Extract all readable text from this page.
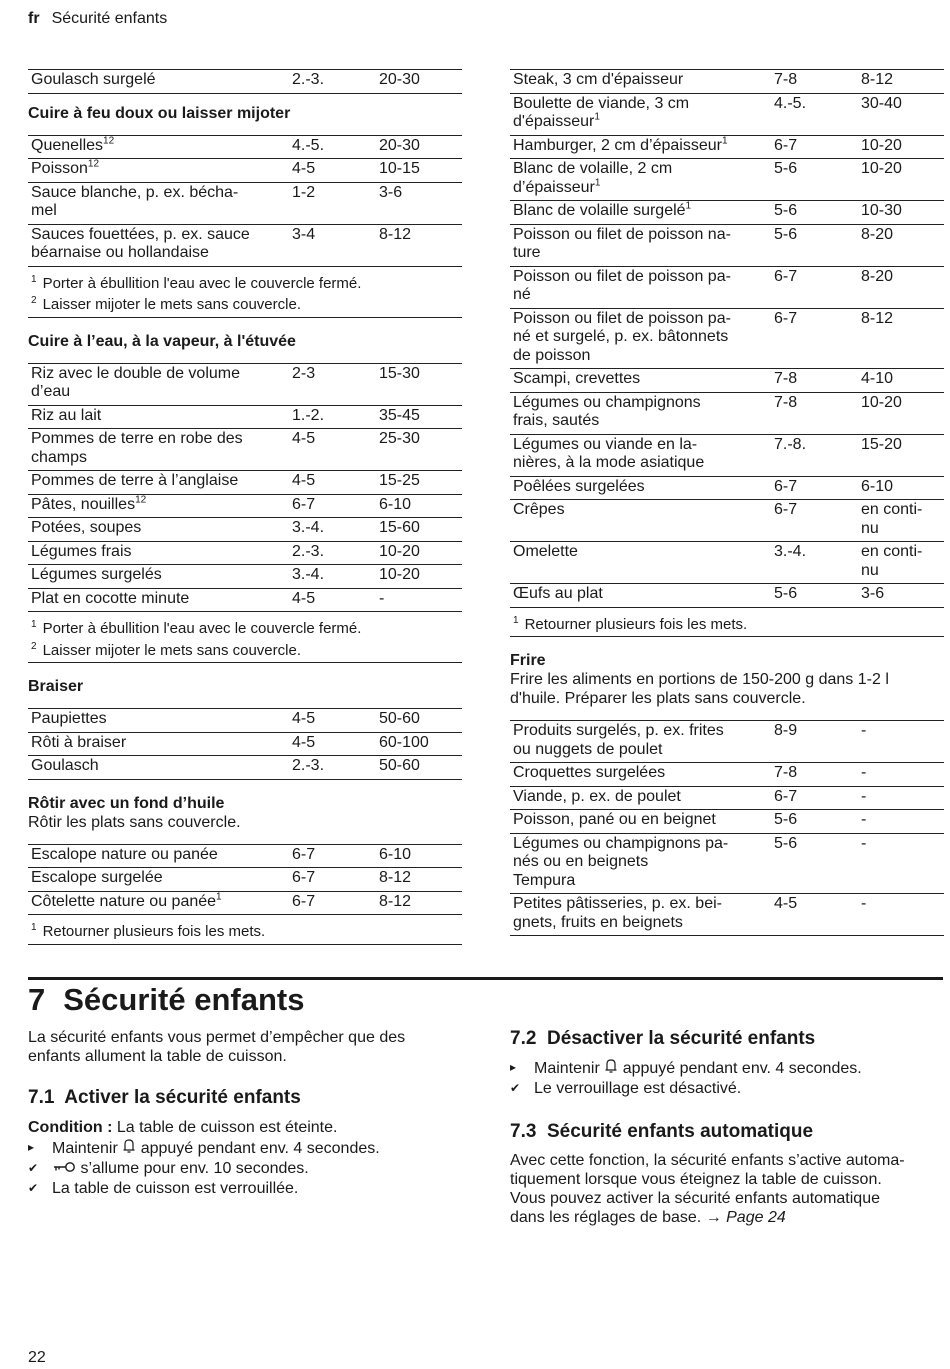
fr Sécurité enfants
Goulasch surgelé	2.-3.	20-30
Cuire à feu doux ou laisser mijoter
Quenelles$^{12}$	4.-5.	20-30
Poisson$^{12}$	4-5	10-15
Sauce blanche, p. ex. bécha-
mel	1-2	3-6
Sauces fouettées, p. ex. sauce
béarnaise ou hollandaise	3-4	8-12
$^1$ Porter à ébullition l'eau avec le couvercle fermé.
$^2$ Laisser mijoter le mets sans couvercle.
Cuire à l’eau, à la vapeur, à l'étuvée
Riz avec le double de volume
d’eau	2-3	15-30
Riz au lait	1.-2.	35-45
Pommes de terre en robe des
champs	4-5	25-30
Pommes de terre à l’anglaise	4-5	15-25
Pâtes, nouilles$^{12}$	6-7	6-10
Potées, soupes	3.-4.	15-60
Légumes frais	2.-3.	10-20
Légumes surgelés	3.-4.	10-20
Plat en cocotte minute	4-5	-
$^1$ Porter à ébullition l'eau avec le couvercle fermé.
$^2$ Laisser mijoter le mets sans couvercle.
Braiser
Paupiettes	4-5	50-60
Rôti à braiser	4-5	60-100
Goulasch	2.-3.	50-60
Rôtir avec un fond d’huile
Rôtir les plats sans couvercle.
Escalope nature ou panée	6-7	6-10
Escalope surgelée	6-7	8-12
Côtelette nature ou panée$^1$	6-7	8-12
$^1$ Retourner plusieurs fois les mets.
Steak, 3 cm d'épaisseur	7-8	8-12
Boulette de viande, 3 cm
d'épaisseur$^1$	4.-5.	30-40
Hamburger, 2 cm d’épaisseur$^1$	6-7	10-20
Blanc de volaille, 2 cm
d’épaisseur$^1$	5-6	10-20
Blanc de volaille surgelé$^1$	5-6	10-30
Poisson ou filet de poisson na-
ture	5-6	8-20
Poisson ou filet de poisson pa-
né	6-7	8-20
Poisson ou filet de poisson pa-
né et surgelé, p. ex. bâtonnets
de poisson	6-7	8-12
Scampi, crevettes	7-8	4-10
Légumes ou champignons
frais, sautés	7-8	10-20
Légumes ou viande en la-
nières, à la mode asiatique	7.-8.	15-20
Poêlées surgelées	6-7	6-10
Crêpes	6-7	en conti-
nu
Omelette	3.-4.	en conti-
nu
Œufs au plat	5-6	3-6
$^1$ Retourner plusieurs fois les mets.
Frire
Frire les aliments en portions de 150-200 g dans 1-2 l
d'huile. Préparer les plats sans couvercle.
Produits surgelés, p. ex. frites
ou nuggets de poulet	8-9	-
Croquettes surgelées	7-8	-
Viande, p. ex. de poulet	6-7	-
Poisson, pané ou en beignet	5-6	-
Légumes ou champignons pa-
nés ou en beignets
Tempura	5-6	-
Petites pâtisseries, p. ex. bei-
gnets, fruits en beignets	4-5	-
7 Sécurité enfants
La sécurité enfants vous permet d’empêcher que des
enfants allument la table de cuisson.
7.1 Activer la sécurité enfants
Condition : La table de cuisson est éteinte.
▸ Maintenir  appuyé pendant env. 4 secondes.
✔ s’allume pour env. 10 secondes.
✔ La table de cuisson est verrouillée.
7.2 Désactiver la sécurité enfants
▸ Maintenir  appuyé pendant env. 4 secondes.
✔ Le verrouillage est désactivé.
7.3 Sécurité enfants automatique
Avec cette fonction, la sécurité enfants s’active automa-
tiquement lorsque vous éteignez la table de cuisson.
Vous pouvez activer la sécurité enfants automatique
dans les réglages de base. → Page 24
22
